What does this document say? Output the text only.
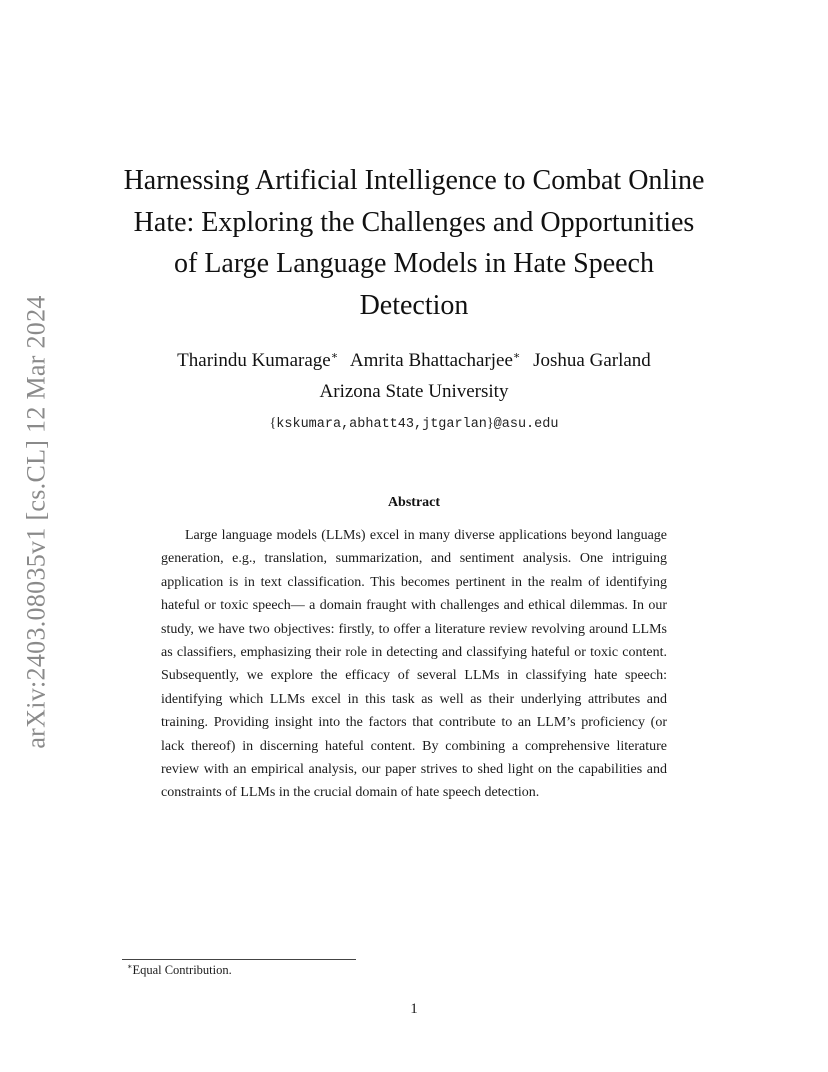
arXiv:2403.08035v1 [cs.CL] 12 Mar 2024
Harnessing Artificial Intelligence to Combat Online
Hate: Exploring the Challenges and Opportunities
of Large Language Models in Hate Speech
Detection
Tharindu Kumarage∗ Amrita Bhattacharjee∗ Joshua Garland
Arizona State University
{kskumara,abhatt43,jtgarlan}@asu.edu
Abstract

Large language models (LLMs) excel in many diverse applications beyond language generation, e.g., translation, summarization, and sentiment analysis. One intriguing application is in text classification. This becomes pertinent in the realm of identifying hateful or toxic speech— a domain fraught with challenges and ethical dilemmas. In our study, we have two objectives: firstly, to offer a literature review revolving around LLMs as classifiers, emphasizing their role in detecting and classifying hateful or toxic content. Subsequently, we explore the efficacy of several LLMs in classifying hate speech: identifying which LLMs excel in this task as well as their underlying attributes and training. Providing insight into the factors that contribute to an LLM’s proficiency (or lack thereof) in discerning hateful content. By combining a comprehensive literature review with an empirical analysis, our paper strives to shed light on the capabilities and constraints of LLMs in the crucial domain of hate speech detection.

∗Equal Contribution.
1
